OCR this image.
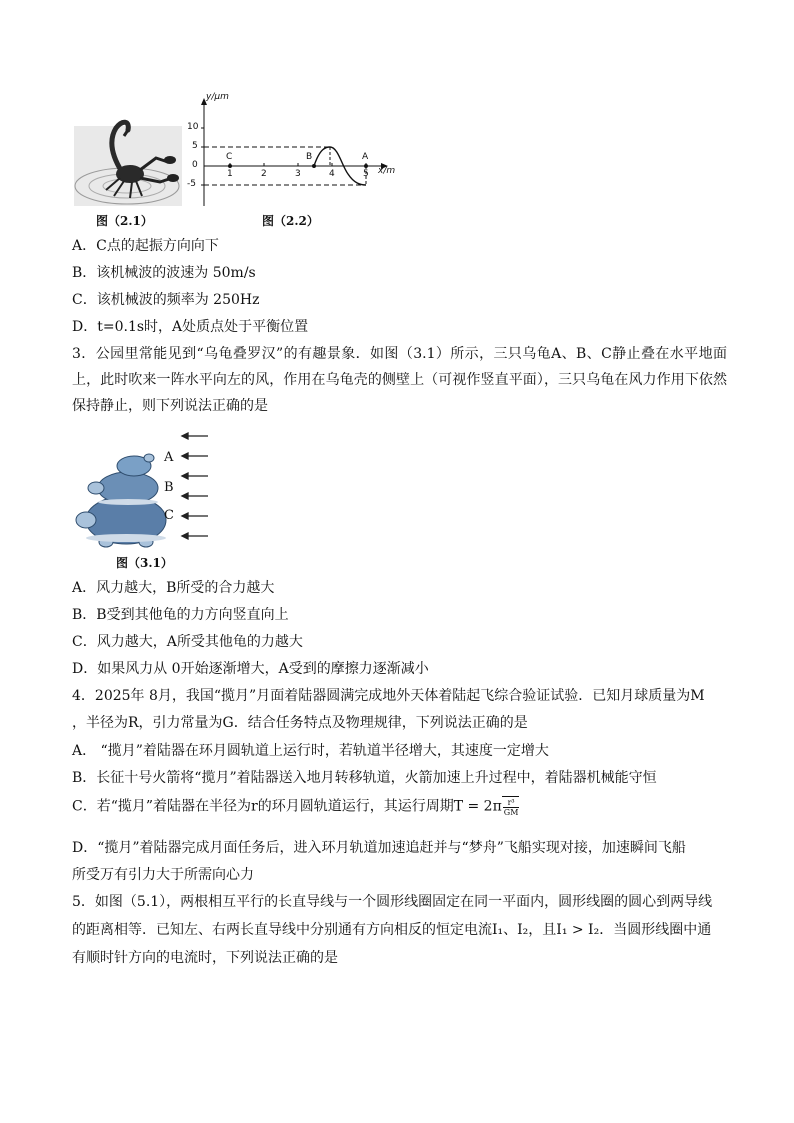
y/μm
x/m
10
5
0
-5
1	2	3	4	5
C	B	A
图（2.1）	图（2.2）
A．C点的起振方向向下
B．该机械波的波速为 50m/s
C．该机械波的频率为 250Hz
D．t=0.1s时，A处质点处于平衡位置
3．公园里常能见到“乌龟叠罗汉”的有趣景象．如图（3.1）所示，三只乌龟A、B、C静止叠在水平地面上，此时吹来一阵水平向左的风，作用在乌龟壳的侧壁上（可视作竖直平面），三只乌龟在风力作用下依然保持静止，则下列说法正确的是
A
B
C
图（3.1）
A．风力越大，B所受的合力越大
B．B受到其他龟的力方向竖直向上
C．风力越大，A所受其他龟的力越大
D．如果风力从 0开始逐渐增大，A受到的摩擦力逐渐减小
4．2025年 8月，我国“揽月”月面着陆器圆满完成地外天体着陆起飞综合验证试验．已知月球质量为M
，半径为R，引力常量为G．结合任务特点及物理规律，下列说法正确的是
A． “揽月”着陆器在环月圆轨道上运行时，若轨道半径增大，其速度一定增大
B．长征十号火箭将“揽月”着陆器送入地月转移轨道，火箭加速上升过程中，着陆器机械能守恒
C．若“揽月”着陆器在半径为r的环月圆轨道运行，其运行周期$T = 2\pi \frac{\text{r³}}{GM}$
D．“揽月”着陆器完成月面任务后，进入环月轨道加速追赶并与“梦舟”飞船实现对接，加速瞬间飞船
所受万有引力大于所需向心力
5．如图（5.1），两根相互平行的长直导线与一个圆形线圈固定在同一平面内，圆形线圈的圆心到两导线
的距离相等．已知左、右两长直导线中分别通有方向相反的恒定电流I₁、I₂，且I₁ > I₂．当圆形线圈中通
有顺时针方向的电流时，下列说法正确的是
